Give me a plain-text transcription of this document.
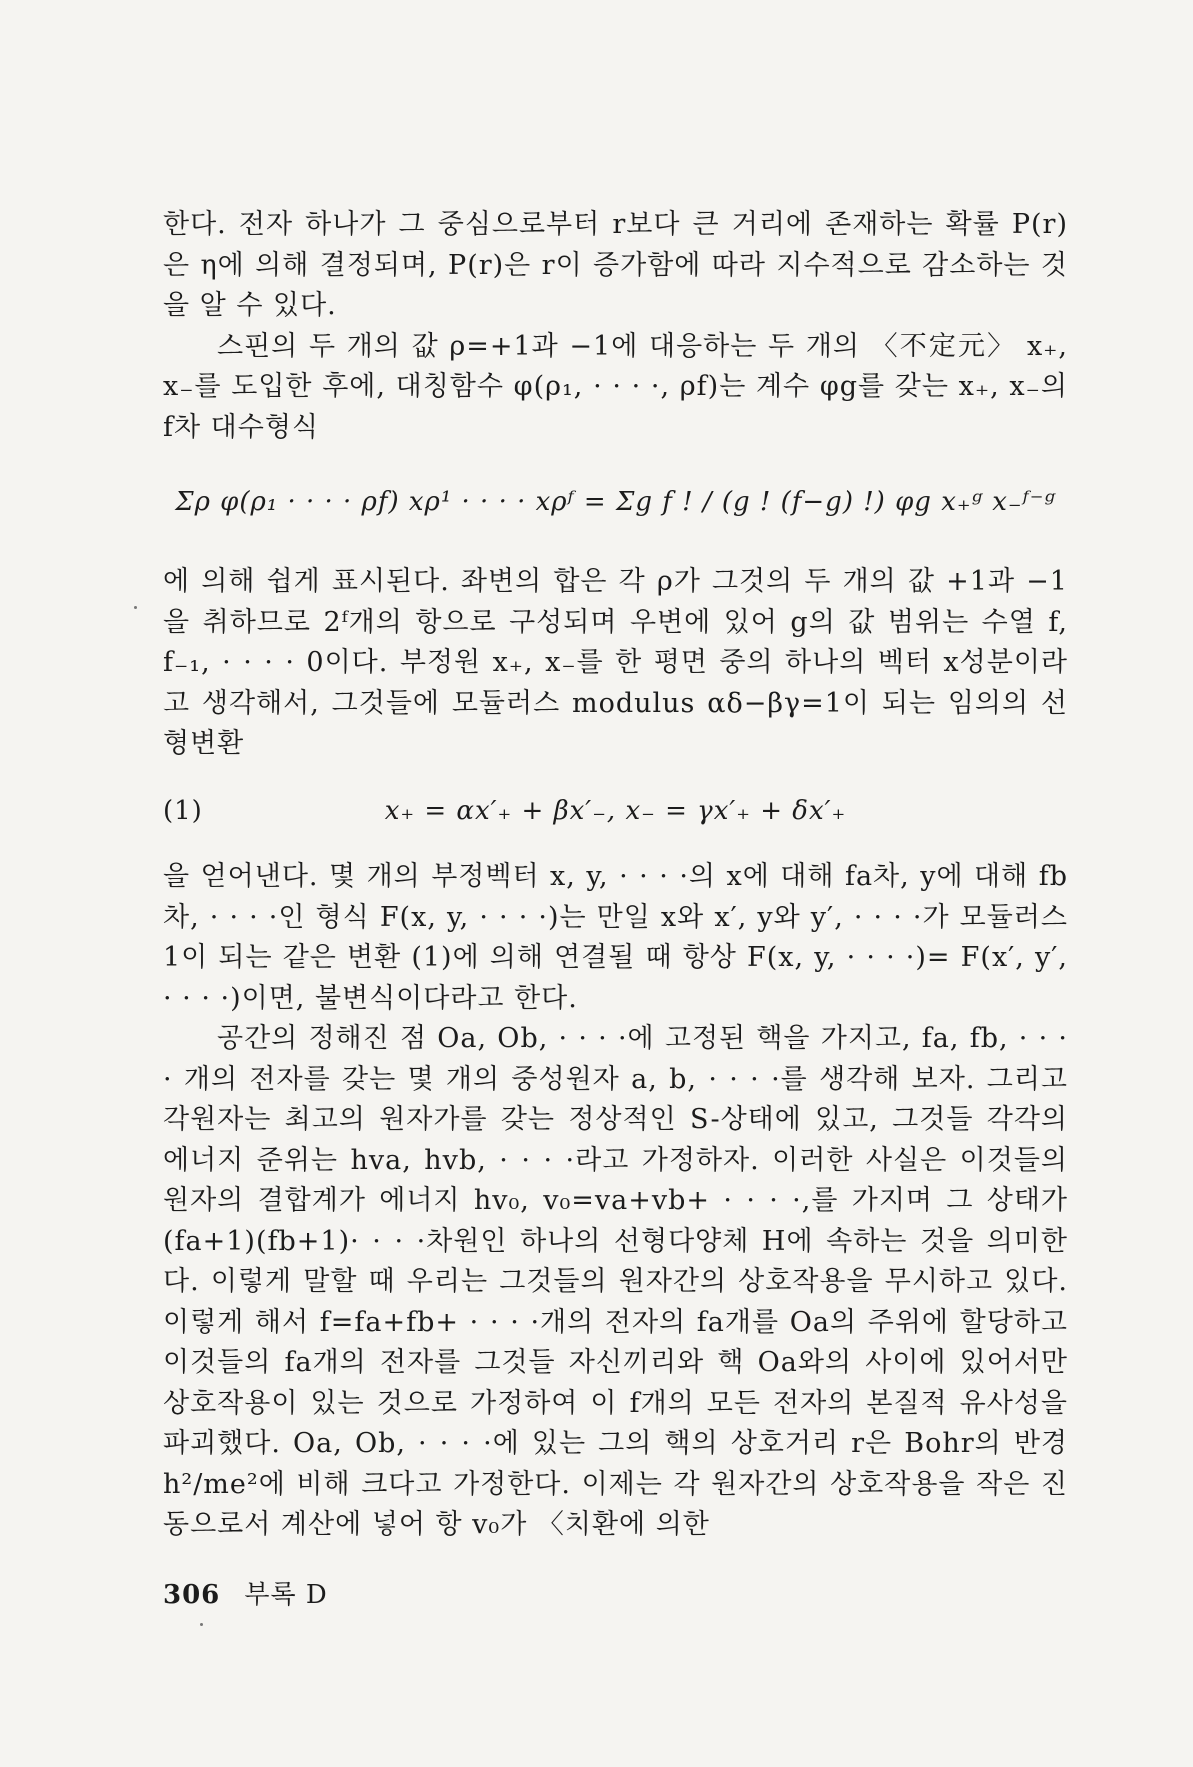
한다. 전자 하나가 그 중심으로부터 r보다 큰 거리에 존재하는 확률 P(r)은 η에 의해 결정되며, P(r)은 r이 증가함에 따라 지수적으로 감소하는 것을 알 수 있다.

스핀의 두 개의 값 ρ=+1과 −1에 대응하는 두 개의 〈不定元〉 x₊, x₋를 도입한 후에, 대칭함수 φ(ρ₁, · · · ·, ρf)는 계수 φg를 갖는 x₊, x₋의 f차 대수형식

Σρ φ(ρ₁ · · · · ρf) xρ¹ · · · · xρᶠ = Σg f ! / (g ! (f−g) !) φg x₊ᵍ x₋ᶠ⁻ᵍ

에 의해 쉽게 표시된다. 좌변의 합은 각 ρ가 그것의 두 개의 값 +1과 −1을 취하므로 2ᶠ개의 항으로 구성되며 우변에 있어 g의 값 범위는 수열 f, f₋₁, · · · · 0이다. 부정원 x₊, x₋를 한 평면 중의 하나의 벡터 x성분이라고 생각해서, 그것들에 모듈러스 modulus αδ−βγ=1이 되는 임의의 선형변환

(1)	x₊ = αx′₊ + βx′₋, x₋ = γx′₊ + δx′₊

을 얻어낸다. 몇 개의 부정벡터 x, y, · · · ·의 x에 대해 fa차, y에 대해 fb차, · · · ·인 형식 F(x, y, · · · ·)는 만일 x와 x′, y와 y′, · · · ·가 모듈러스 1이 되는 같은 변환 (1)에 의해 연결될 때 항상 F(x, y, · · · ·)= F(x′, y′, · · · ·)이면, 불변식이다라고 한다.

공간의 정해진 점 Oa, Ob, · · · ·에 고정된 핵을 가지고, fa, fb, · · · · 개의 전자를 갖는 몇 개의 중성원자 a, b, · · · ·를 생각해 보자. 그리고 각원자는 최고의 원자가를 갖는 정상적인 S-상태에 있고, 그것들 각각의 에너지 준위는 hva, hvb, · · · ·라고 가정하자. 이러한 사실은 이것들의 원자의 결합계가 에너지 hv₀, v₀=va+vb+ · · · ·,를 가지며 그 상태가 (fa+1)(fb+1)· · · ·차원인 하나의 선형다양체 H에 속하는 것을 의미한다. 이렇게 말할 때 우리는 그것들의 원자간의 상호작용을 무시하고 있다. 이렇게 해서 f=fa+fb+ · · · ·개의 전자의 fa개를 Oa의 주위에 할당하고 이것들의 fa개의 전자를 그것들 자신끼리와 핵 Oa와의 사이에 있어서만 상호작용이 있는 것으로 가정하여 이 f개의 모든 전자의 본질적 유사성을 파괴했다. Oa, Ob, · · · ·에 있는 그의 핵의 상호거리 r은 Bohr의 반경 h²/me²에 비해 크다고 가정한다. 이제는 각 원자간의 상호작용을 작은 진동으로서 계산에 넣어 항 v₀가 〈치환에 의한

306 부록 D
